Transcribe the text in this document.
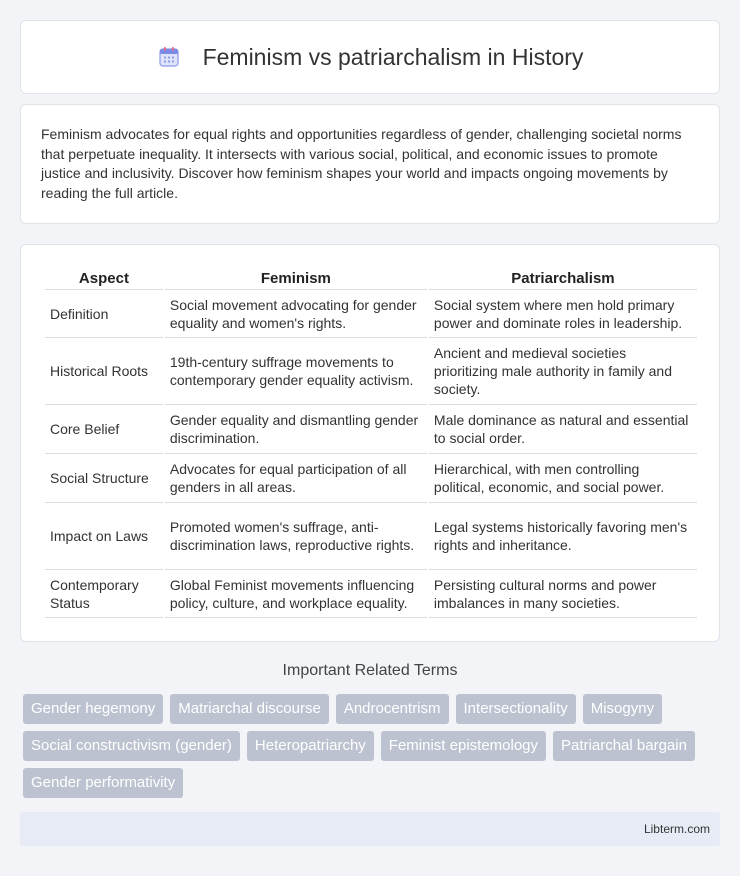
Feminism vs patriarchalism in History

Feminism advocates for equal rights and opportunities regardless of gender, challenging societal norms that perpetuate inequality. It intersects with various social, political, and economic issues to promote justice and inclusivity. Discover how feminism shapes your world and impacts ongoing movements by reading the full article.

Aspect	Feminism	Patriarchalism
Definition	Social movement advocating for gender equality and women's rights.	Social system where men hold primary power and dominate roles in leadership.
Historical Roots	19th-century suffrage movements to contemporary gender equality activism.	Ancient and medieval societies prioritizing male authority in family and society.
Core Belief	Gender equality and dismantling gender discrimination.	Male dominance as natural and essential to social order.
Social Structure	Advocates for equal participation of all genders in all areas.	Hierarchical, with men controlling political, economic, and social power.
Impact on Laws	Promoted women's suffrage, anti-discrimination laws, reproductive rights.	Legal systems historically favoring men's rights and inheritance.
Contemporary Status	Global Feminist movements influencing policy, culture, and workplace equality.	Persisting cultural norms and power imbalances in many societies.
Important Related Terms
Gender hegemony	Matriarchal discourse	Androcentrism	Intersectionality	Misogyny
Social constructivism (gender)	Heteropatriarchy	Feminist epistemology	Patriarchal bargain
Gender performativity
Libterm.com
